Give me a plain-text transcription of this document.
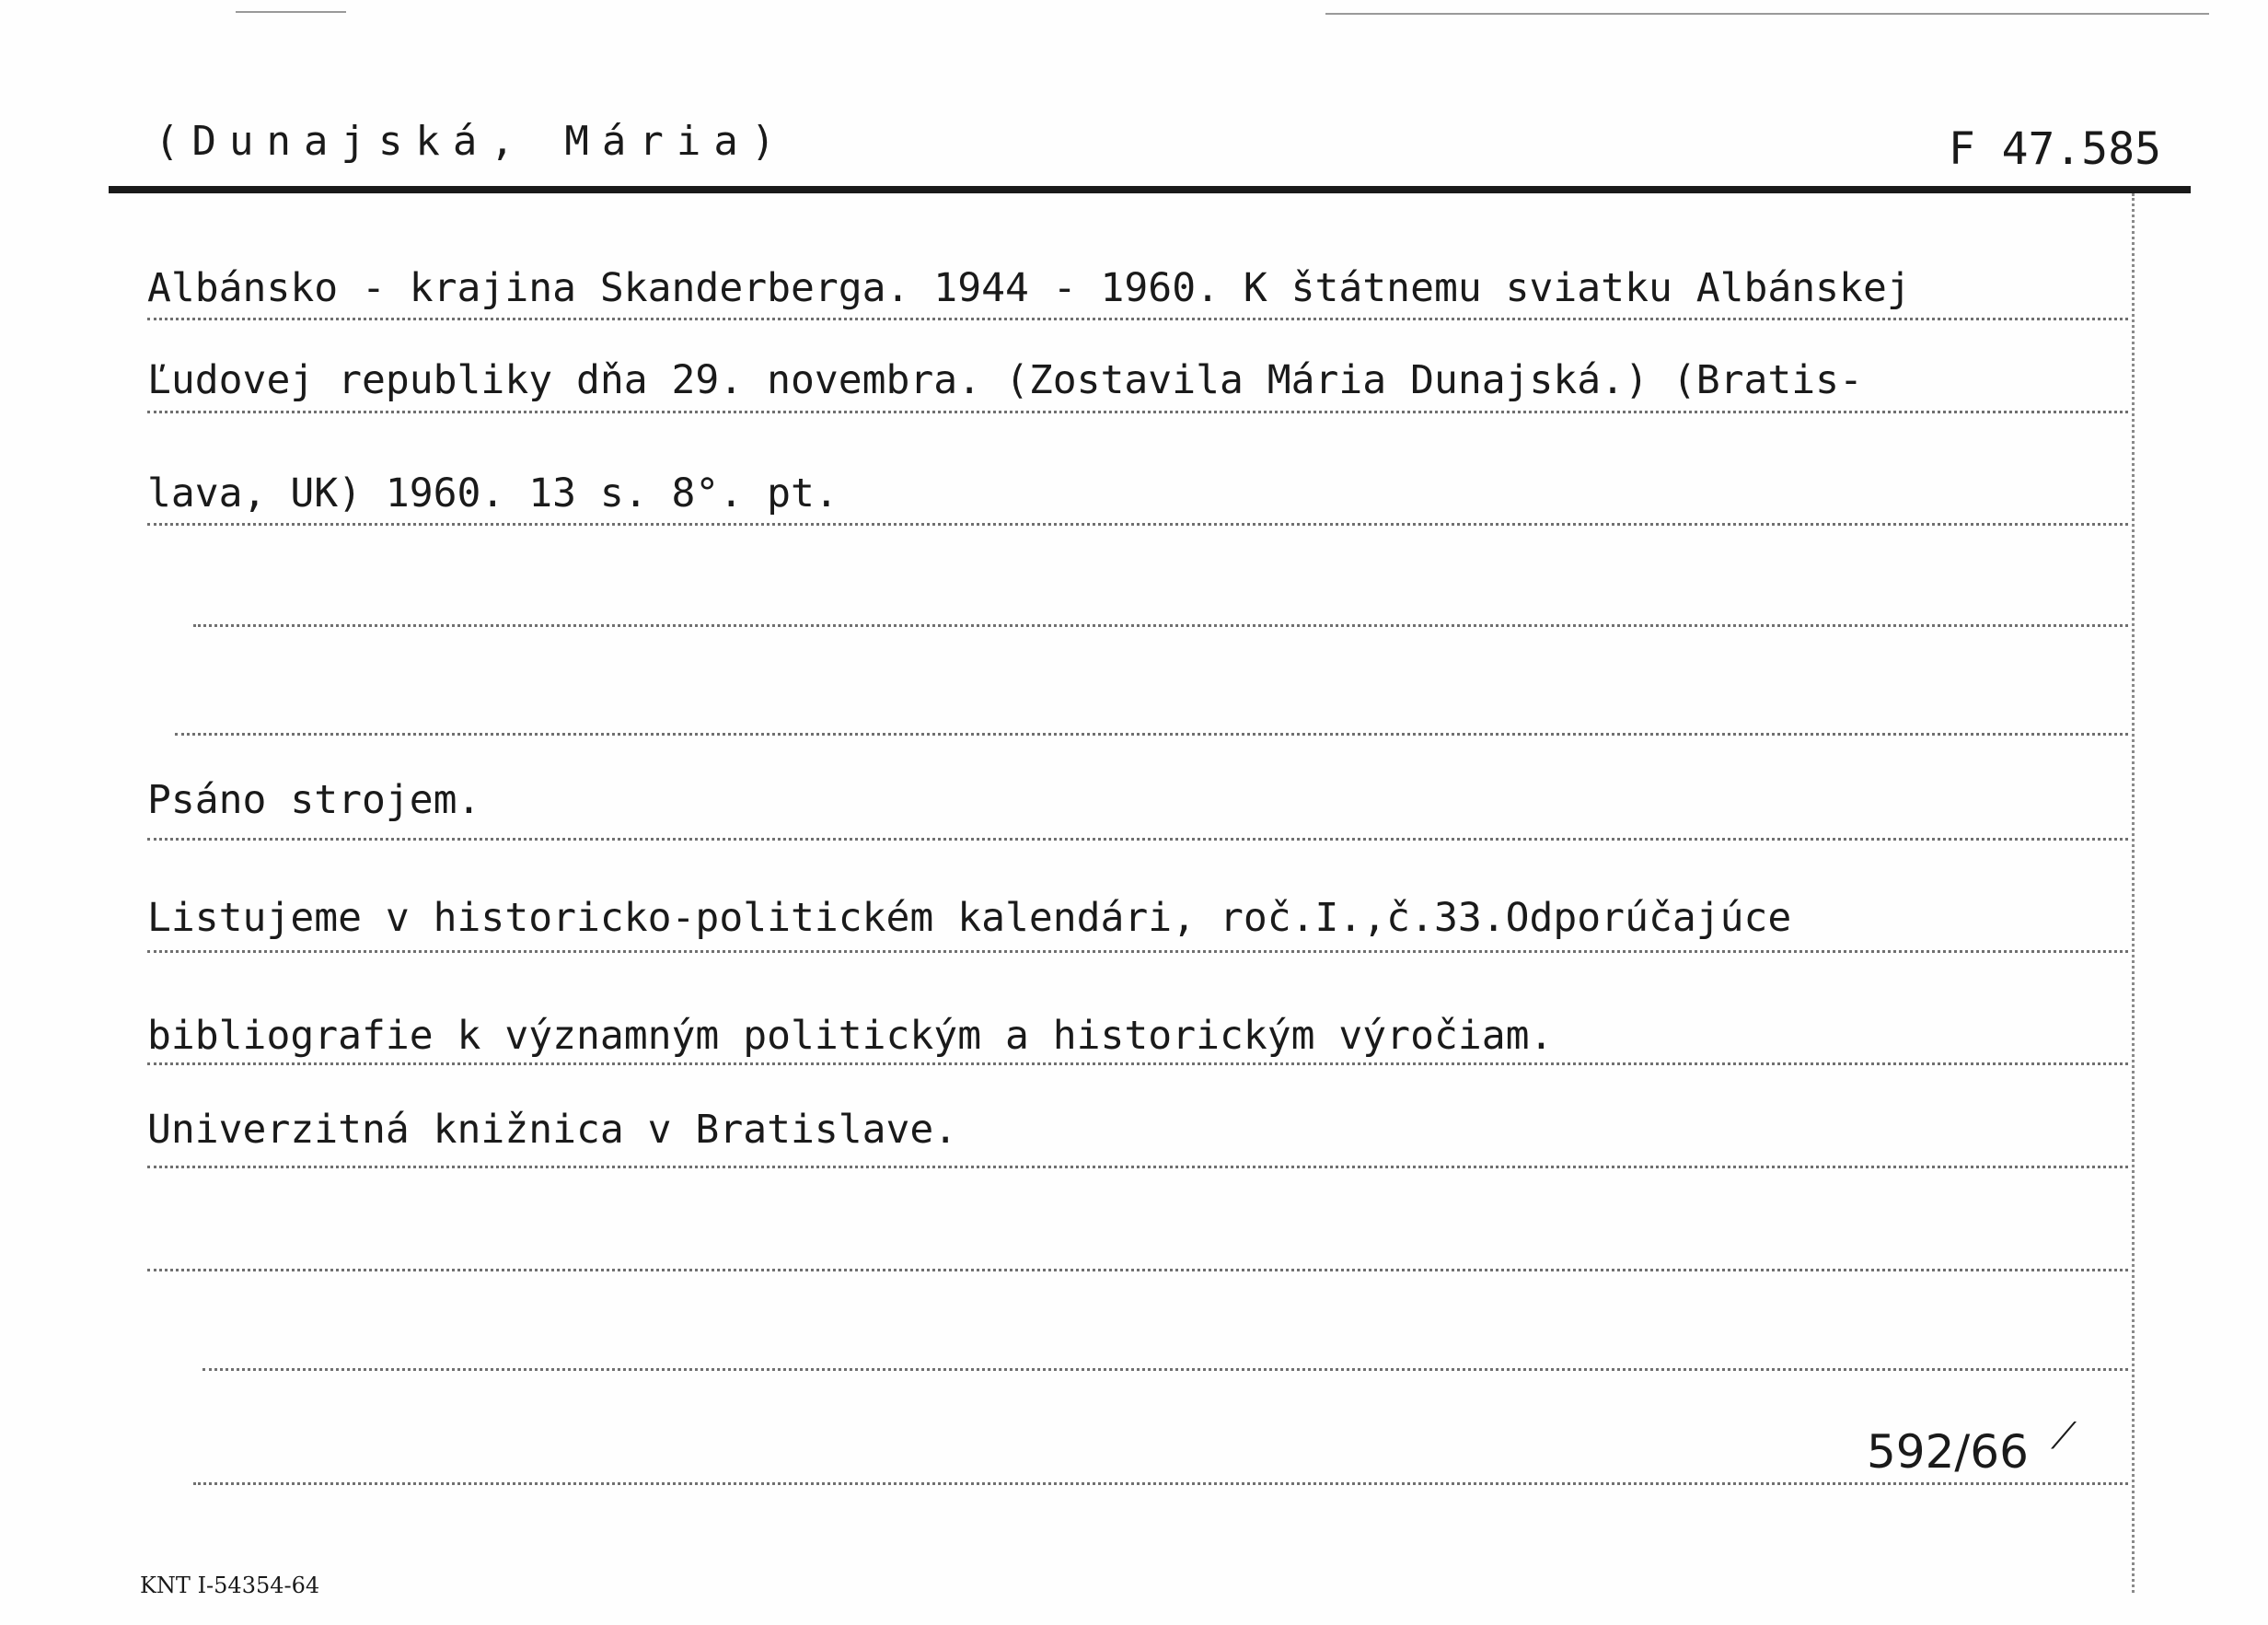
(Dunajská, Mária)	F 47.585
Albánsko - krajina Skanderberga. 1944 - 1960. K štátnemu sviatku Albánskej
Ľudovej republiky dňa 29. novembra. (Zostavila Mária Dunajská.) (Bratis-
lava, UK) 1960. 13 s. 8°. pt.
Psáno strojem.
Listujeme v historicko-politickém kalendári, roč.I.,č.33.Odporúčajúce
bibliografie k významným politickým a historickým výročiam.
Univerzitná knižnica v Bratislave.
⟋
592/66
KNT I-54354-64
